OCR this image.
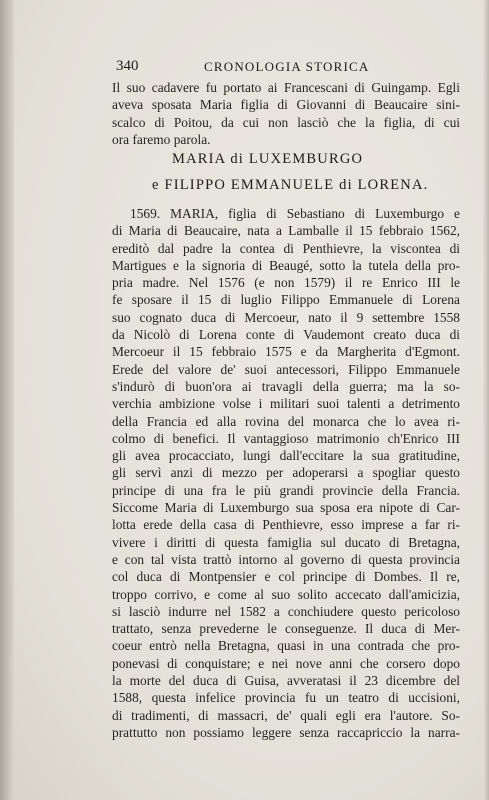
340	CRONOLOGIA STORICA
Il suo cadavere fu portato ai Francescani di Guingamp. Egli
aveva sposata Maria figlia di Giovanni di Beaucaire sini-
scalco di Poitou, da cui non lasciò che la figlia, di cui
ora faremo parola.
MARIA di LUXEMBURGO
e FILIPPO EMMANUELE di LORENA.
1569. MARIA, figlia di Sebastiano di Luxemburgo e
di Maria di Beaucaire, nata a Lamballe il 15 febbraio 1562,
ereditò dal padre la contea di Penthievre, la viscontea di
Martigues e la signoria di Beaugé, sotto la tutela della pro-
pria madre. Nel 1576 (e non 1579) il re Enrico III le
fe sposare il 15 di luglio Filippo Emmanuele di Lorena
suo cognato duca di Mercoeur, nato il 9 settembre 1558
da Nicolò di Lorena conte di Vaudemont creato duca di
Mercoeur il 15 febbraio 1575 e da Margherita d'Egmont.
Erede del valore de' suoi antecessori, Filippo Emmanuele
s'indurò di buon'ora ai travagli della guerra; ma la so-
verchia ambizione volse i militari suoi talenti a detrimento
della Francia ed alla rovina del monarca che lo avea ri-
colmo di benefici. Il vantaggioso matrimonio ch'Enrico III
gli avea procacciato, lungi dall'eccitare la sua gratitudine,
gli servì anzi di mezzo per adoperarsi a spogliar questo
principe di una fra le più grandi provincie della Francia.
Siccome Maria di Luxemburgo sua sposa era nipote di Car-
lotta erede della casa di Penthievre, esso imprese a far ri-
vivere i diritti di questa famiglia sul ducato di Bretagna,
e con tal vista trattò intorno al governo di questa provincia
col duca di Montpensier e col principe di Dombes. Il re,
troppo corrivo, e come al suo solito accecato dall'amicizia,
si lasciò indurre nel 1582 a conchiudere questo pericoloso
trattato, senza prevederne le conseguenze. Il duca di Mer-
coeur entrò nella Bretagna, quasi in una contrada che pro-
ponevasi di conquistare; e nei nove anni che corsero dopo
la morte del duca di Guisa, avveratasi il 23 dicembre del
1588, questa infelice provincia fu un teatro di uccisioni,
di tradimenti, di massacri, de' quali egli era l'autore. So-
prattutto non possiamo leggere senza raccapriccio la narra-
